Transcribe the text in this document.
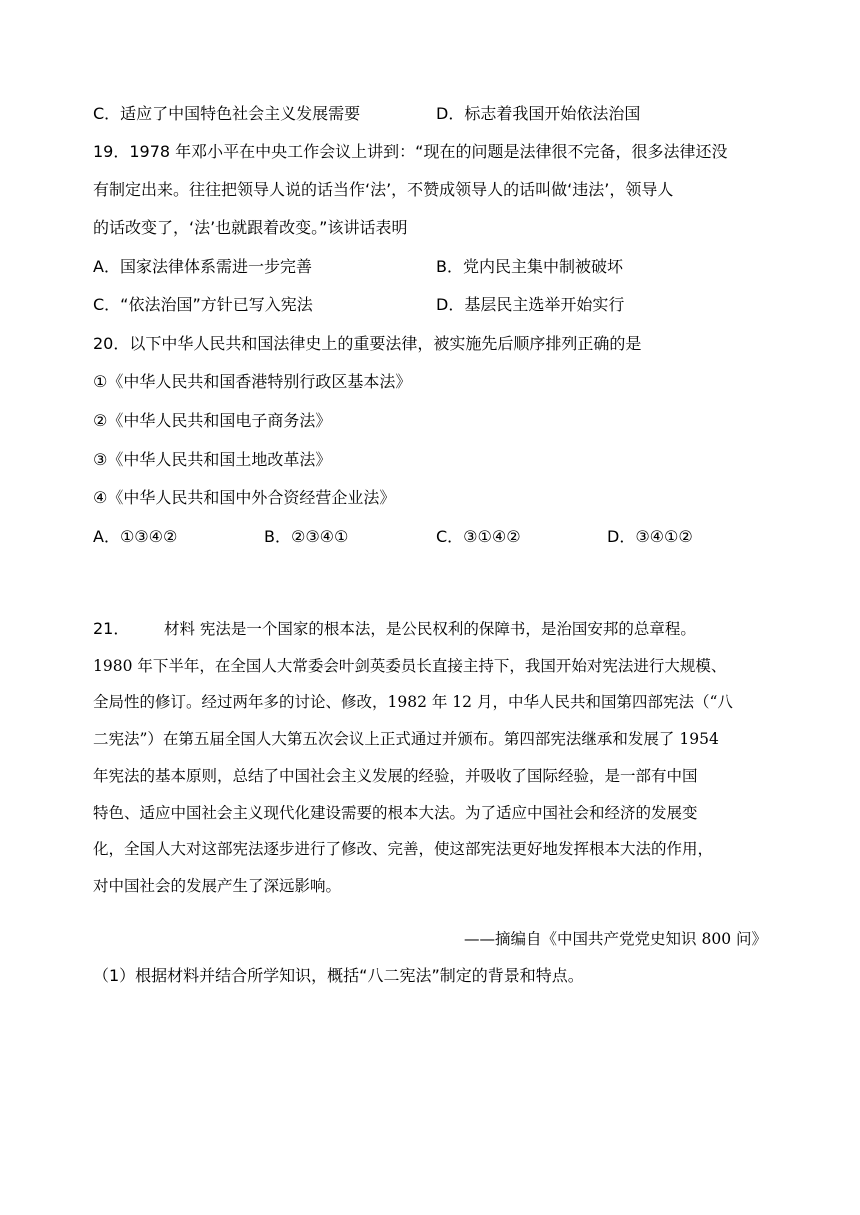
C．适应了中国特色社会主义发展需要	D．标志着我国开始依法治国
19．1978 年邓小平在中央工作会议上讲到：“现在的问题是法律很不完备，很多法律还没
有制定出来。往往把领导人说的话当作‘法’，不赞成领导人的话叫做‘违法’，领导人
的话改变了，‘法’也就跟着改变。”该讲话表明
A．国家法律体系需进一步完善	B．党内民主集中制被破坏
C．“依法治国”方针已写入宪法	D．基层民主选举开始实行
20．以下中华人民共和国法律史上的重要法律，被实施先后顺序排列正确的是
①《中华人民共和国香港特别行政区基本法》
②《中华人民共和国电子商务法》
③《中华人民共和国土地改革法》
④《中华人民共和国中外合资经营企业法》
A．①③④②	B．②③④①	C．③①④②	D．③④①②
21． 材料 宪法是一个国家的根本法，是公民权利的保障书，是治国安邦的总章程。
1980 年下半年，在全国人大常委会叶剑英委员长直接主持下，我国开始对宪法进行大规模、
全局性的修订。经过两年多的讨论、修改，1982 年 12 月，中华人民共和国第四部宪法（“八
二宪法”）在第五届全国人大第五次会议上正式通过并颁布。第四部宪法继承和发展了 1954
年宪法的基本原则，总结了中国社会主义发展的经验，并吸收了国际经验，是一部有中国
特色、适应中国社会主义现代化建设需要的根本大法。为了适应中国社会和经济的发展变
化，全国人大对这部宪法逐步进行了修改、完善，使这部宪法更好地发挥根本大法的作用，
对中国社会的发展产生了深远影响。
——摘编自《中国共产党党史知识 800 问》
（1）根据材料并结合所学知识，概括“八二宪法”制定的背景和特点。
